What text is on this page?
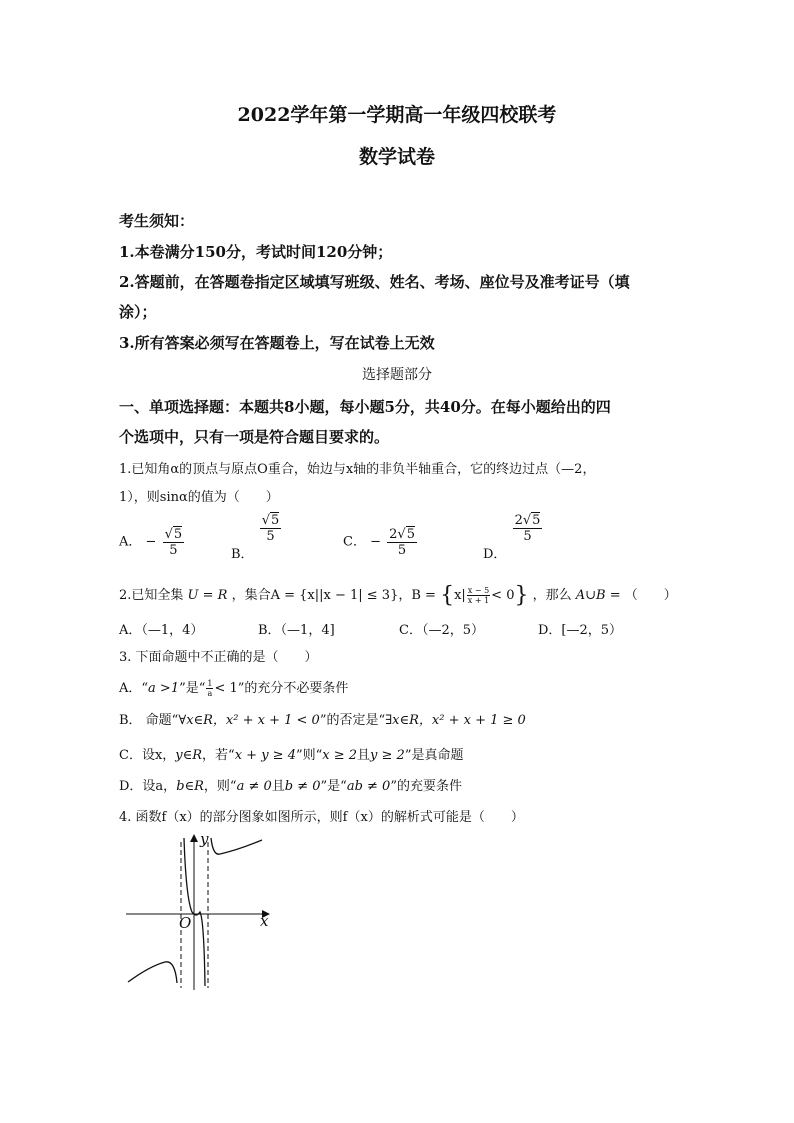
2022学年第一学期高一年级四校联考
数学试卷
考生须知：
1.本卷满分150分，考试时间120分钟；
2.答题前，在答题卷指定区域填写班级、姓名、考场、座位号及准考证号（填
涂）；
3.所有答案必须写在答题卷上，写在试卷上无效
选择题部分
一、单项选择题：本题共8小题，每小题5分，共40分。在每小题给出的四
个选项中，只有一项是符合题目要求的。
1.已知角α的顶点与原点O重合，始边与x轴的非负半轴重合，它的终边过点（—2，
1），则sinα的值为（　　）
A． − $\frac{√5}{5}$	B．
$\frac{√5}{5}$	C． − $\frac{2√5}{5}$	D．
$\frac{2√5}{5}$
2.已知全集 U = R ，集合A = {x||x − 1| ≤ 3}，$B = \{x| \frac{x - 5}{x + 1} < 0\}$ ，那么 A∪B = （　　）
A．（—1，4）	B．（—1，4]	C．（—2，5）	D．[—2，5）
3. 下面命题中不正确的是（　　）
A．“a >1”是“ $\frac{1}{a} < 1$”的充分不必要条件
B． 命题“∀x∈R，x² + x + 1 < 0”的否定是“∃x∈R，x² + x + 1 ≥ 0
C．设x，y∈R，若“x + y ≥ 4”则“x ≥ 2且y ≥ 2”是真命题
D．设a，b∈R，则“a ≠ 0且b ≠ 0”是“ab ≠ 0”的充要条件
4. 函数f（x）的部分图象如图所示，则f（x）的解析式可能是（　　）
y
x
O
